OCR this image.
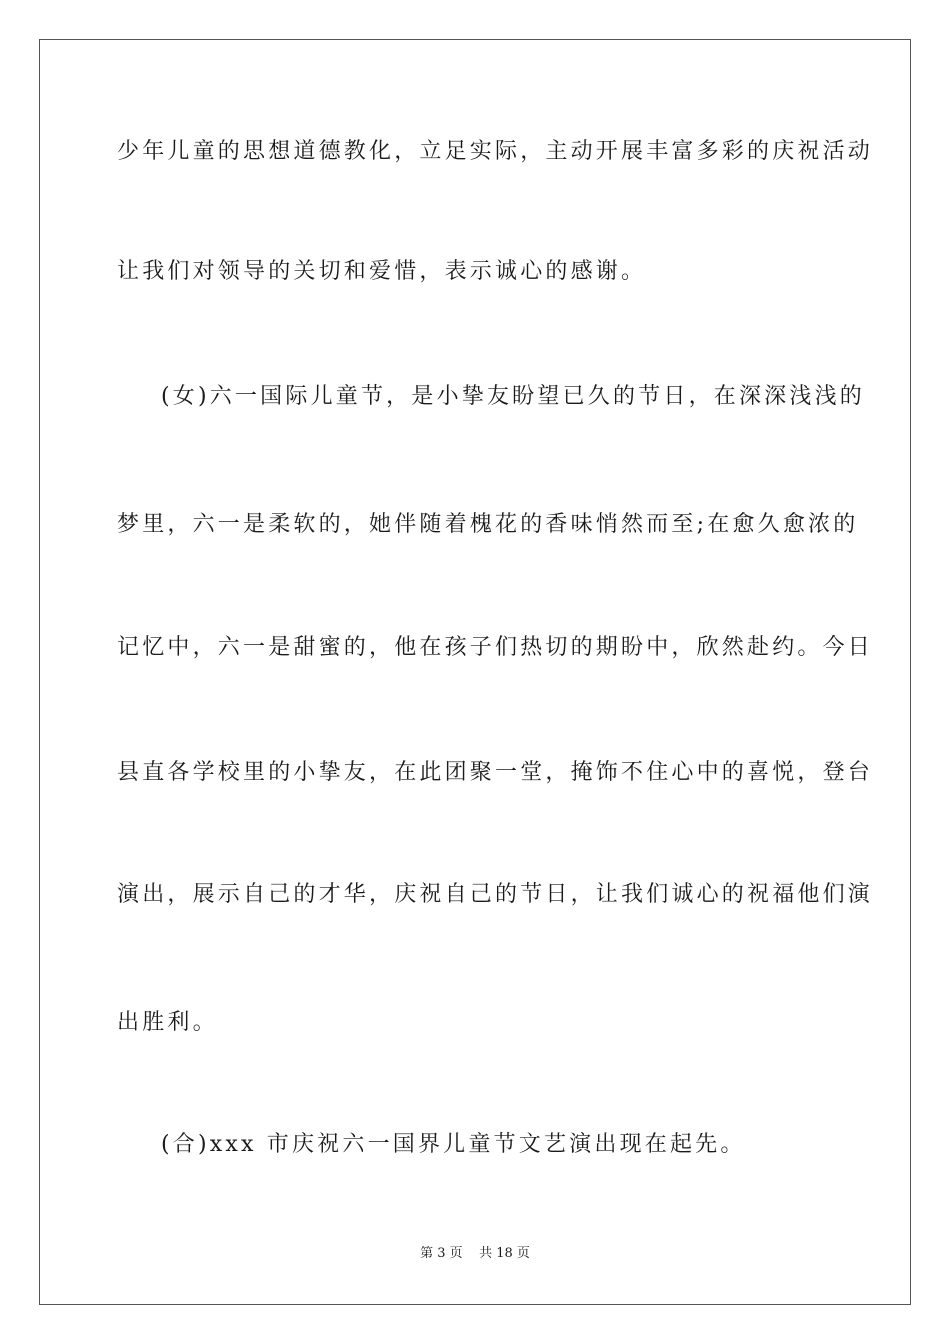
少年儿童的思想道德教化，立足实际，主动开展丰富多彩的庆祝活动
让我们对领导的关切和爱惜，表示诚心的感谢。
(女)六一国际儿童节，是小挚友盼望已久的节日，在深深浅浅的
梦里，六一是柔软的，她伴随着槐花的香味悄然而至;在愈久愈浓的
记忆中，六一是甜蜜的，他在孩子们热切的期盼中，欣然赴约。今日
县直各学校里的小挚友，在此团聚一堂，掩饰不住心中的喜悦，登台
演出，展示自己的才华，庆祝自己的节日，让我们诚心的祝福他们演
出胜利。
(合)xxx 市庆祝六一国界儿童节文艺演出现在起先。
第 3 页    共 18 页
